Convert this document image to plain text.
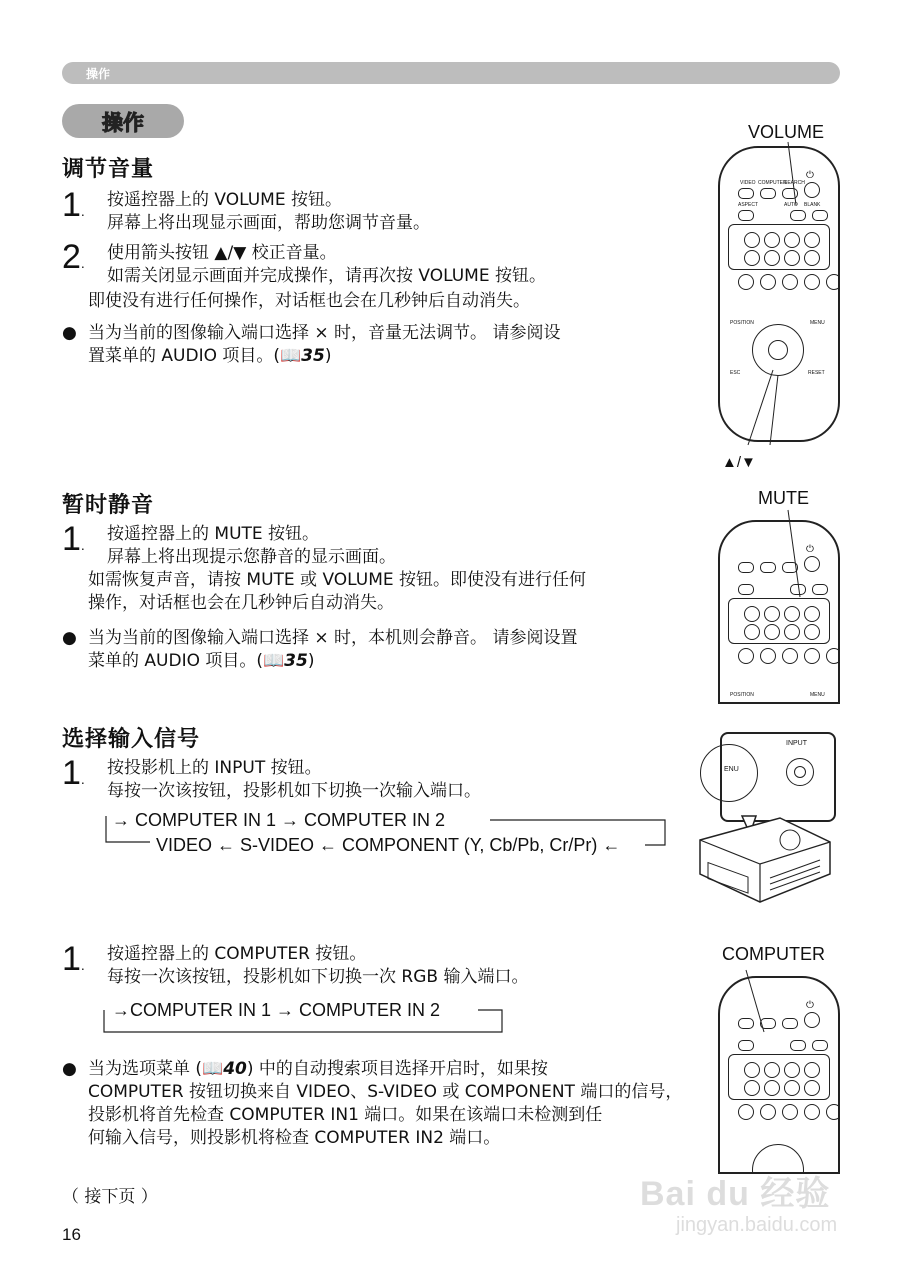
操作
操作
调节音量
1 . 按遥控器上的 VOLUME 按钮。
屏幕上将出现显示画面，帮助您调节音量。
2 . 使用箭头按钮 ▲/▼ 校正音量。
如需关闭显示画面并完成操作，请再次按 VOLUME 按钮。
即使没有进行任何操作，对话框也会在几秒钟后自动消失。
● 当为当前的图像输入端口选择 ⨯ 时，音量无法调节。 请参阅设
置菜单的 AUDIO 项目。(📖35)
VOLUME
⏻
VIDEO COMPUTER
SEARCH
ASPECT	AUTO BLANK
POSITION	MENU
ESC	RESET
▲/▼
暂时静音
1 . 按遥控器上的 MUTE 按钮。
屏幕上将出现提示您静音的显示画面。
如需恢复声音，请按 MUTE 或 VOLUME 按钮。即使没有进行任何
操作，对话框也会在几秒钟后自动消失。
● 当为当前的图像输入端口选择 ⨯ 时，本机则会静音。 请参阅设置
菜单的 AUDIO 项目。(📖35)
MUTE
⏻
POSITION	MENU
选择输入信号
1 . 按投影机上的 INPUT 按钮。
每按一次该按钮，投影机如下切换一次输入端口。
→ COMPUTER IN 1 → COMPUTER IN 2
VIDEO ← S-VIDEO ← COMPONENT (Y, Cb/Pb, Cr/Pr) ←
INPUT
ENU
1 . 按遥控器上的 COMPUTER 按钮。
每按一次该按钮，投影机如下切换一次 RGB 输入端口。
→COMPUTER IN 1 → COMPUTER IN 2
● 当为选项菜单 (📖40) 中的自动搜索项目选择开启时，如果按
COMPUTER 按钮切换来自 VIDEO、S-VIDEO 或 COMPONENT 端口的信号，
投影机将首先检查 COMPUTER IN1 端口。如果在该端口未检测到任
何输入信号，则投影机将检查 COMPUTER IN2 端口。
COMPUTER
⏻
（ 接下页 ）
16
Bai du 经验
jingyan.baidu.com
